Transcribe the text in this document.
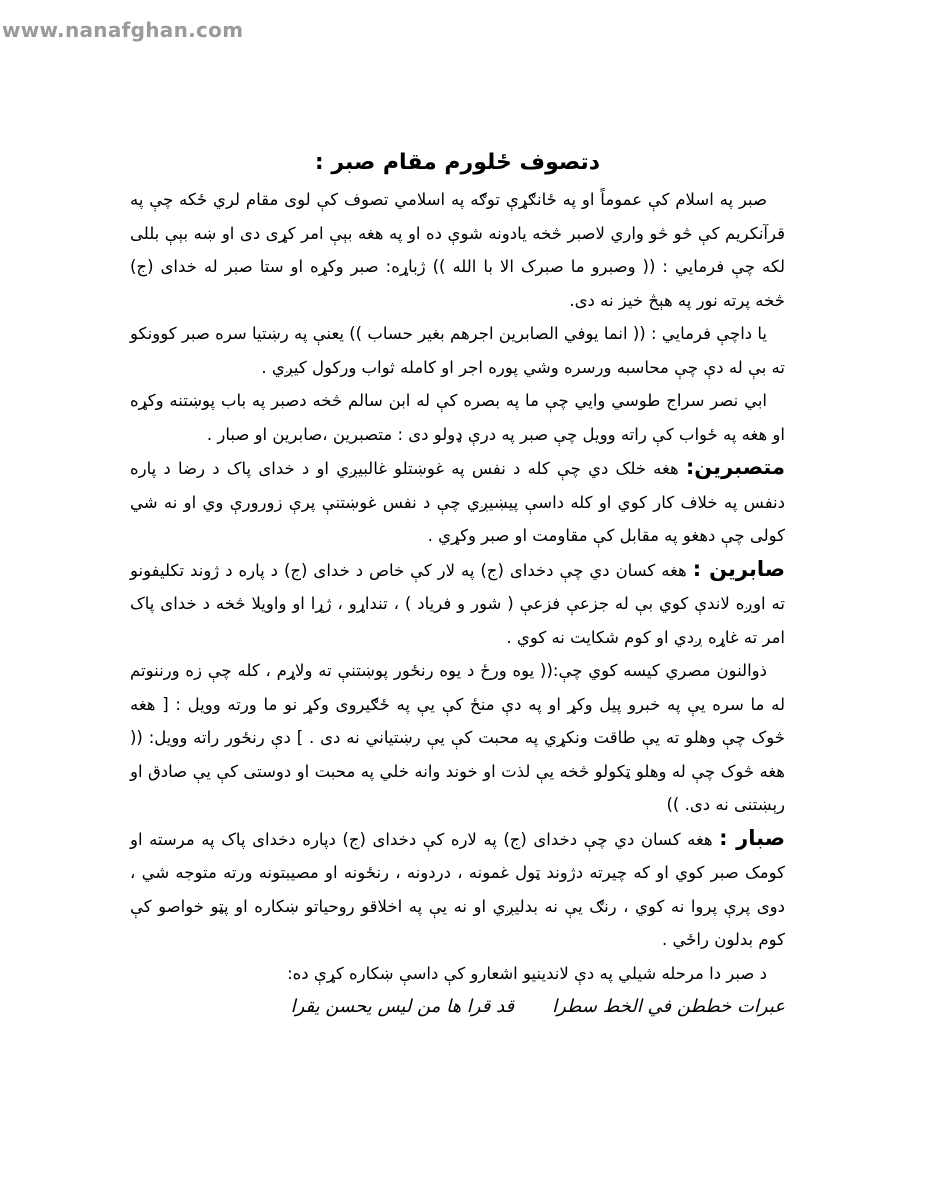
www.nanafghan.com
دتصوف ځلورم مقام صبر :

صبر په اسلام کې عموماً او په ځانګړې توګه په اسلامي تصوف کې لوی مقام لري ځکه چې په قرآنکریم کې څو څو واري لاصبر څخه یادونه شوې ده او په هغه بېې امر کړی دی او ښه بېې بللی لکه چې فرمايي : (( وصبرو ما صبرک الا با الله )) ژباړه: صبر وکړه او ستا صبر له خدای (ج) څخه پرته نور په هېڅ خیز نه دی.

یا داچې فرمايي : (( انما یوفي الصابرين اجرهم بغير حساب )) یعنې په رښتیا سره صبر کوونکو ته بې له دې چې محاسبه ورسره وشي پوره اجر او کامله ثواب ورکول کیږي .

ابي نصر سراج طوسي وایي چې ما په بصره کې له ابن سالم څخه دصبر په باب پوښتنه وکړه او هغه په ځواب کې راته وویل چې صبر په درې ډولو دی : متصبرين ،صابرين او صبار .

متصبرين: هغه خلک دي چې کله د نفس په غوښتلو غالبیږي او د خدای پاک د رضا د پاره دنفس په خلاف کار کوي او کله داسې پیښیږي چې د نفس غوښتنې پرې زورورې وي او نه شي کولی چې دهغو په مقابل کې مقاومت او صبر وکړي .

صابرين : هغه کسان دي چې دخدای (ج) په لار کې خاص د خدای (ج) د پاره د ژوند تکلیفونو ته اوږه لاندې کوي بې له جزعې فزعې ( شور و فریاد ) ، تنداړو ، ژړا او واويلا څخه د خدای پاک امر ته غاړه ږدي او کوم شکايت نه کوي .

ذوالنون مصري کیسه کوي چې:(( یوه ورځ د یوه رنځور پوښتنې ته ولاړم ، کله چې زه ورننوتم له ما سره یې په خبرو پیل وکړ او په دې منځ کې یې په ځګیروی وکړ نو ما ورته وویل : [ هغه څوک چې وهلو ته یې طاقت ونکړي په محبت کې یې رښتیاني نه دی . ] دې رنځور راته وویل: (( هغه څوک چې له وهلو ټکولو څخه یې لذت او خوند وانه خلي په محبت او دوستی کې یې صادق او رېښتنی نه دی. ))

صبار : هغه کسان دي چې دخدای (ج) په لاره کې دخدای (ج) دپاره دخدای پاک په مرسته او کومک صبر کوي او که چیرته دژوند ټول غمونه ، دردونه ، رنځونه او مصيبتونه ورته متوجه شي ، دوی پرې پروا نه کوي ، رنګ یې نه بدلیږي او نه یې په اخلاقو روحیاتو ښکاره او پټو خواصو کې کوم بدلون راځي .

د صبر دا مرحله شیلي په دې لاندینیو اشعارو کې داسې ښکاره کړې ده:

عبرات خططن في الخط سطرا
قد قرا ها من ليس يحسن يقرا
